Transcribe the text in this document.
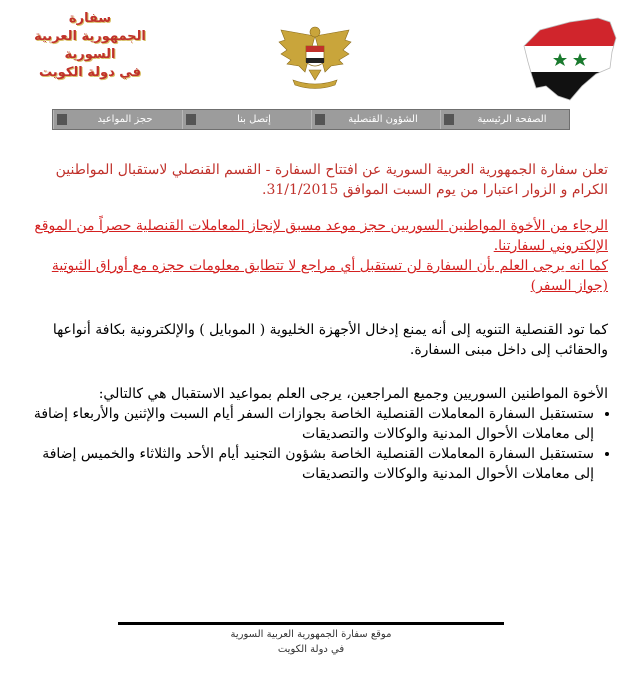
سفارة
الجمهورية العربية السورية
في دولة الكويت
الصفحة الرئيسية
الشؤون القنصلية
إتصل بنا
حجز المواعيد

تعلن سفارة الجمهورية العربية السورية عن افتتاح السفارة - القسم القنصلي لاستقبال المواطنين الكرام و الزوار اعتبارا من يوم السبت الموافق 31/1/2015.

الرجاء من الأخوة المواطنين السوريين حجز موعد مسبق لإنجاز المعاملات القنصلية حصراً من الموقع الإلكتروني لسفارتنا.

كما انه يرجى العلم بأن السفارة لن تستقبل أي مراجع لا تتطابق معلومات حجزه مع أوراق الثبوتية (جواز السفر)

كما تود القنصلية التنويه إلى أنه يمنع إدخال الأجهزة الخليوية ( الموبايل ) والإلكترونية بكافة أنواعها والحقائب إلى داخل مبنى السفارة.

الأخوة المواطنين السوريين وجميع المراجعين، يرجى العلم بمواعيد الاستقبال هي كالتالي:

• ستستقبل السفارة المعاملات القنصلية الخاصة بجوازات السفر أيام السبت والإثنين والأربعاء إضافة إلى معاملات الأحوال المدنية والوكالات والتصديقات
• ستستقبل السفارة المعاملات القنصلية الخاصة بشؤون التجنيد أيام الأحد والثلاثاء والخميس إضافة إلى معاملات الأحوال المدنية والوكالات والتصديقات
موقع سفارة الجمهورية العربية السورية
في دولة الكويت
